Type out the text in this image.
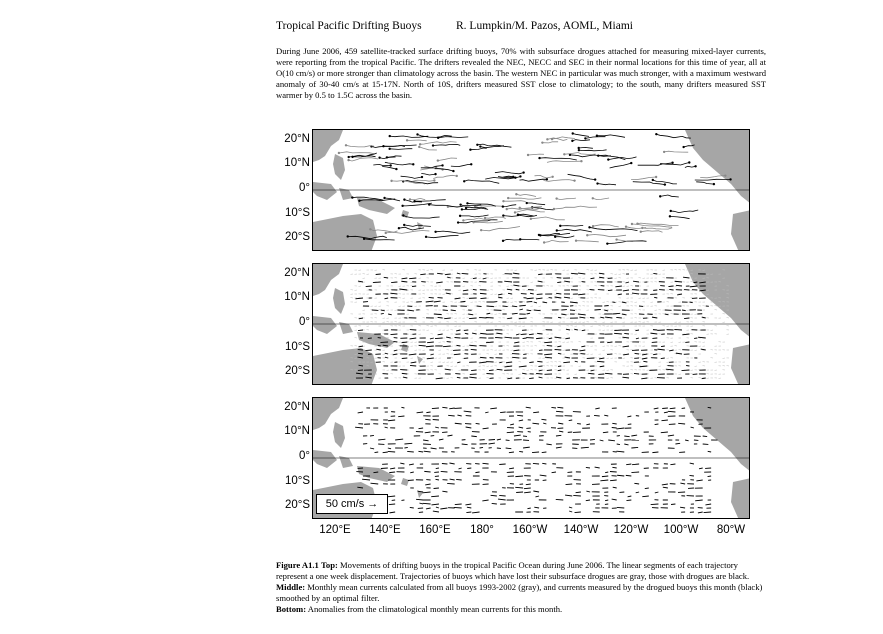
Tropical Pacific Drifting Buoys	R. Lumpkin/M. Pazos, AOML, Miami
During June 2006, 459 satellite-tracked surface drifting buoys, 70% with subsurface drogues attached for measuring mixed-layer currents, were reporting from the tropical Pacific. The drifters revealed the NEC, NECC and SEC in their normal locations for this time of year, all at O(10 cm/s) or more stronger than climatology across the basin. The western NEC in particular was much stronger, with a maximum westward anomaly of 30-40 cm/s at 15-17N. North of 10S, drifters measured SST close to climatology; to the south, many drifters measured SST warmer by 0.5 to 1.5C across the basin.
20°N
10°N
0°
10°S
20°S
20°N
10°N
0°
10°S
20°S
20°N
10°N
0°
10°S
20°S	50 cm/s →
120°E	140°E	160°E	180°	160°W	140°W	120°W	100°W	80°W

Figure A1.1 Top: Movements of drifting buoys in the tropical Pacific Ocean during June 2006. The linear segments of each trajectory represent a one week displacement. Trajectories of buoys which have lost their subsurface drogues are gray, those with drogues are black.

Middle: Monthly mean currents calculated from all buoys 1993-2002 (gray), and currents measured by the drogued buoys this month (black) smoothed by an optimal filter.

Bottom: Anomalies from the climatological monthly mean currents for this month.
